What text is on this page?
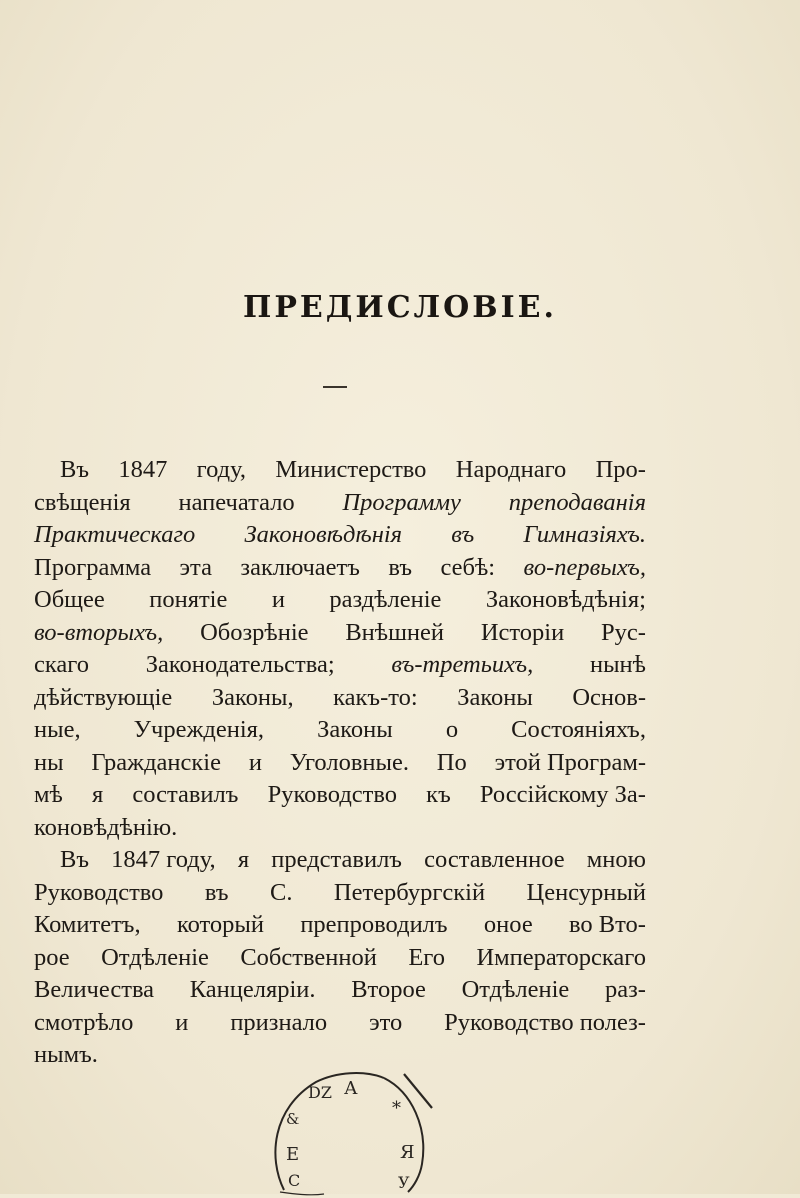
ПРЕДИСЛОВІЕ.
Въ 1847 году, Министерство Народнаго Про-
свѣщенія напечатало Программу преподаванія
Практическаго Законовѣдѣнія въ Гимназіяхъ.
Программа эта заключаетъ въ себѣ: во-первыхъ,
Общее понятіе и раздѣленіе Законовѣдѣнія;
во-вторыхъ, Обозрѣніе Внѣшней Исторіи Рус-
скаго Законодательства; въ-третьихъ, нынѣ
дѣйствующіе Законы, какъ-то: Законы Основ-
ные, Учрежденія, Законы о Состояніяхъ,
ны Гражданскіе и Уголовные. По этой Програм-
мѣ я составилъ Руководство къ Россійскому За-
коновѣдѣнію.
Въ 1847 году, я представилъ составленное мною
Руководство въ С. Петербургскій Ценсурный
Комитетъ, который препроводилъ оное во Вто-
рое Отдѣленіе Собственной Его Императорскаго
Величества Канцеляріи. Второе Отдѣленіе раз-
смотрѣло и признало это Руководство полез-
нымъ.
Ǳ А
*
&
Е	Я
С	У
